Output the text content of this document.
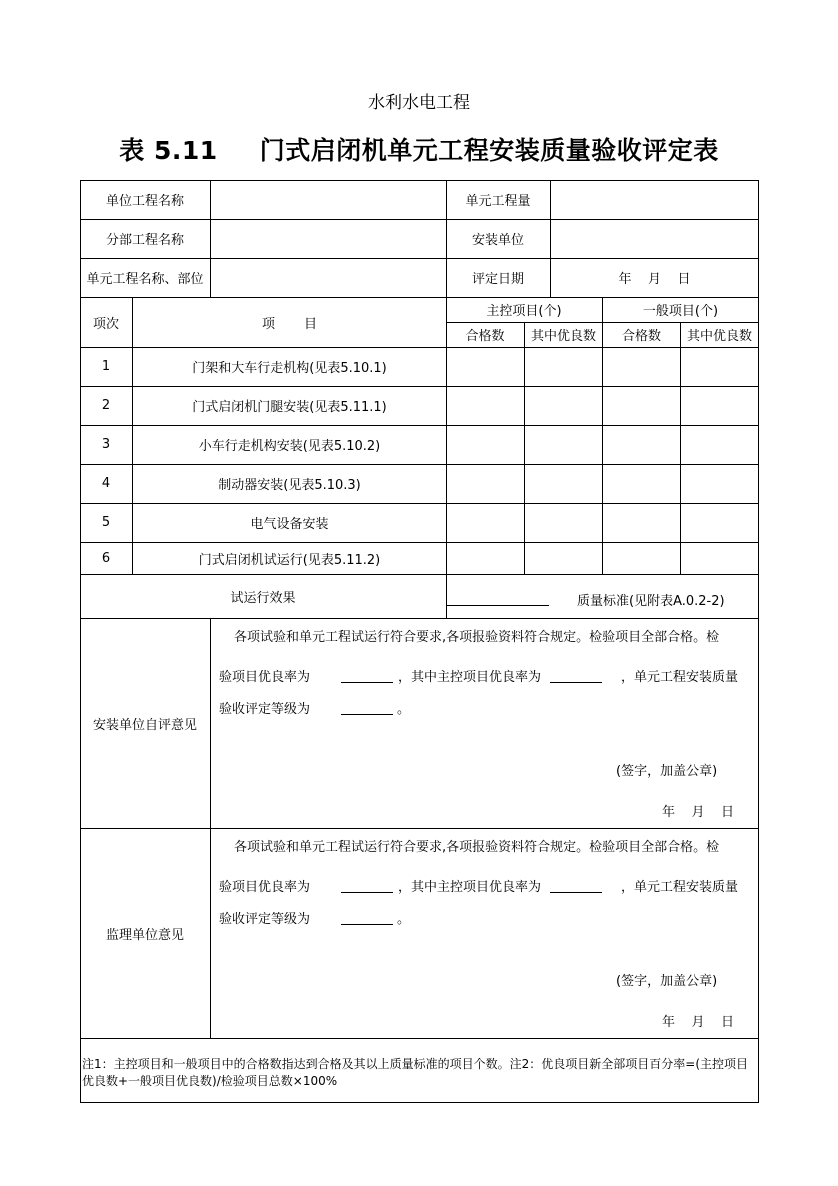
水利水电工程
表 5.11 门式启闭机单元工程安装质量验收评定表
单位工程名称	单元工程量
分部工程名称	安装单位
单元工程名称、部位	评定日期	年    月    日
项次	项       目
主控项目(个)	一般项目(个)
合格数	其中优良数	合格数	其中优良数
1	门架和大车行走机构(见表5.10.1)
2	门式启闭机门腿安装(见表5.11.1)
3	小车行走机构安装(见表5.10.2)
4	制动器安装(见表5.10.3)
5	电气设备安装
6	门式启闭机试运行(见表5.11.2)
试运行效果	质量标准(见附表A.0.2-2)
安装单位自评意见
各项试验和单元工程试运行符合要求,各项报验资料符合规定。检验项目全部合格。检
验项目优良率为	，其中主控项目优良率为	，单元工程安装质量
验收评定等级为	。
(签字，加盖公章)
年    月    日
监理单位意见
各项试验和单元工程试运行符合要求,各项报验资料符合规定。检验项目全部合格。检
验项目优良率为	，其中主控项目优良率为	，单元工程安装质量
验收评定等级为	。
(签字，加盖公章)
年    月    日
注1：主控项目和一般项目中的合格数指达到合格及其以上质量标准的项目个数。注2：优良项目新全部项目百分率=(主控项目优良数+一般项目优良数)/检验项目总数×100%
